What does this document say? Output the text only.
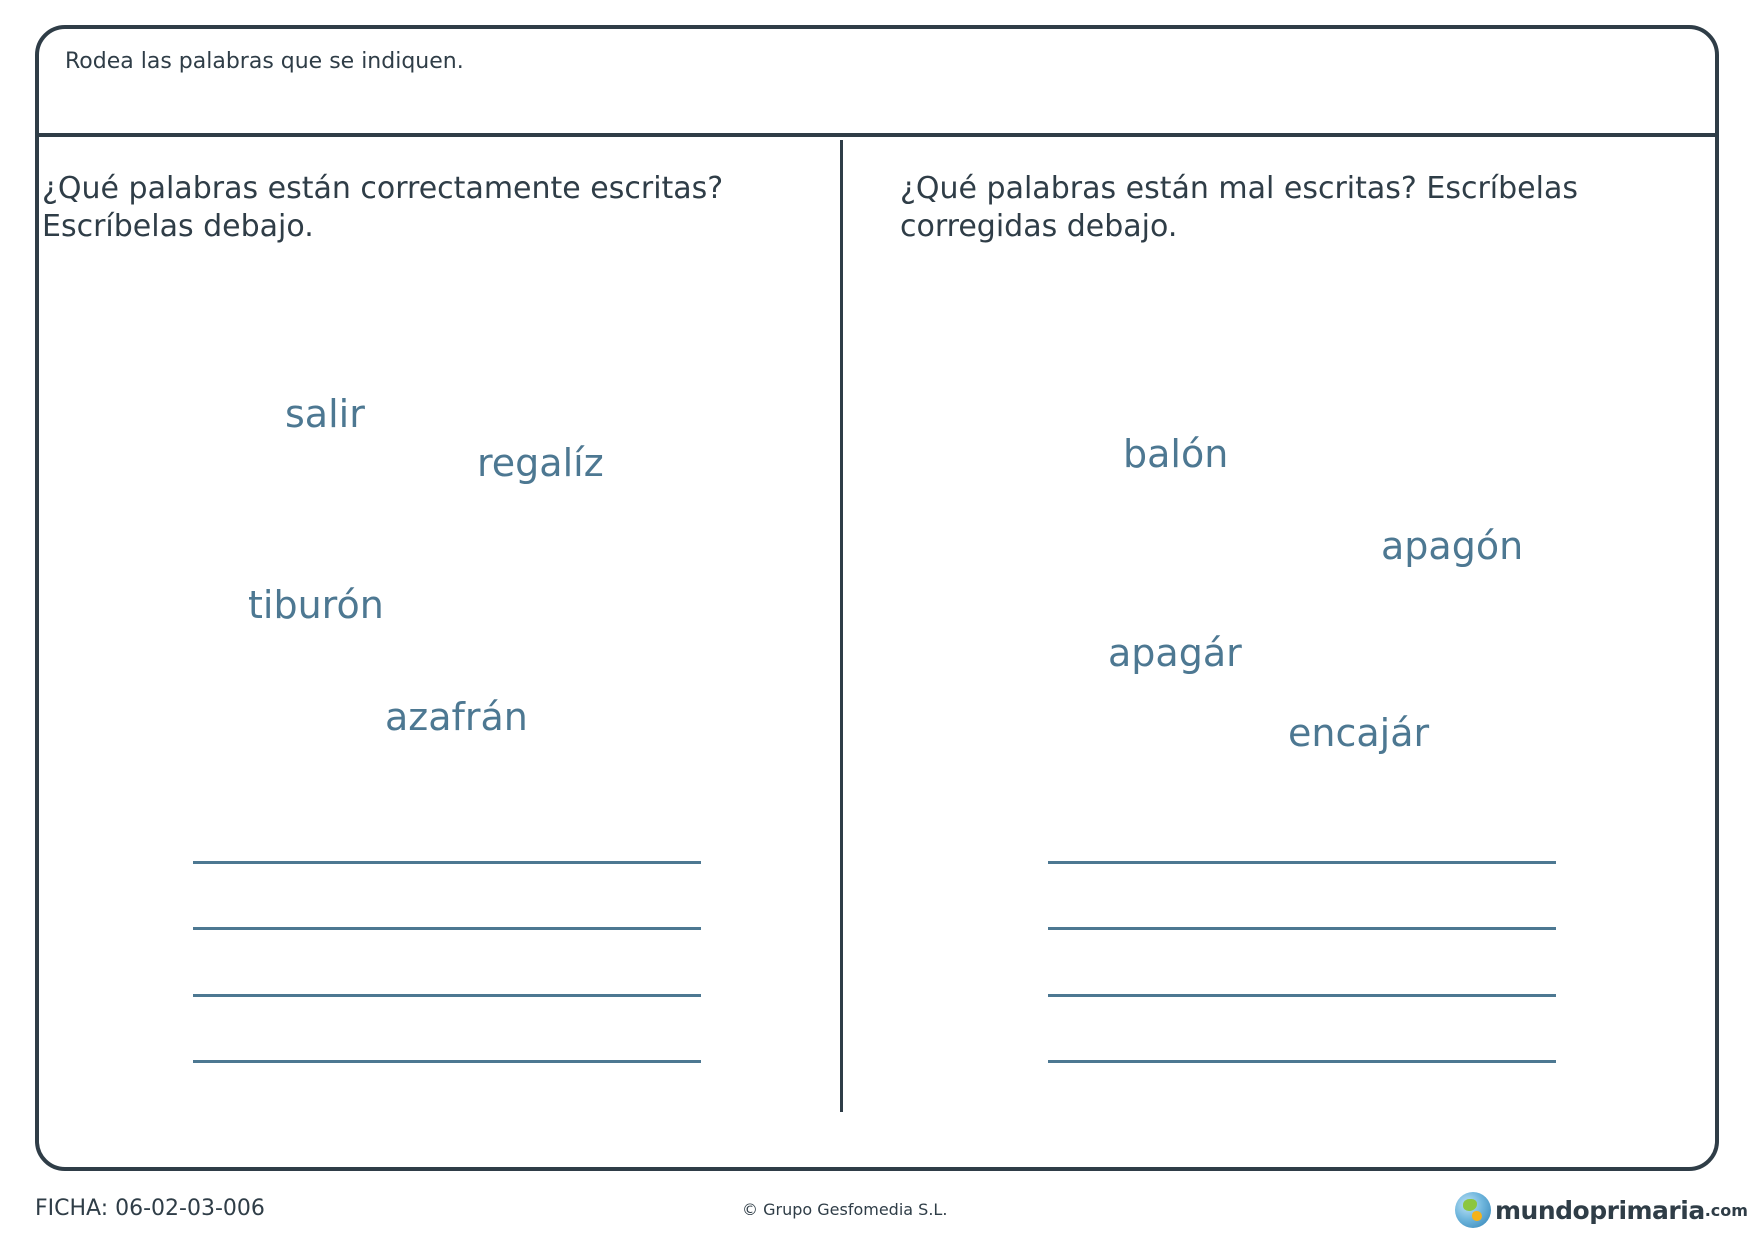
Rodea las palabras que se indiquen.
¿Qué palabras están correctamente escritas? Escríbelas debajo.
salir
regalíz
tiburón
azafrán
¿Qué palabras están mal escritas? Escríbelas corregidas debajo.
balón
apagón
apagár
encajár
FICHA: 06-02-03-006	© Grupo Gesfomedia S.L.	mundoprimaria .com
